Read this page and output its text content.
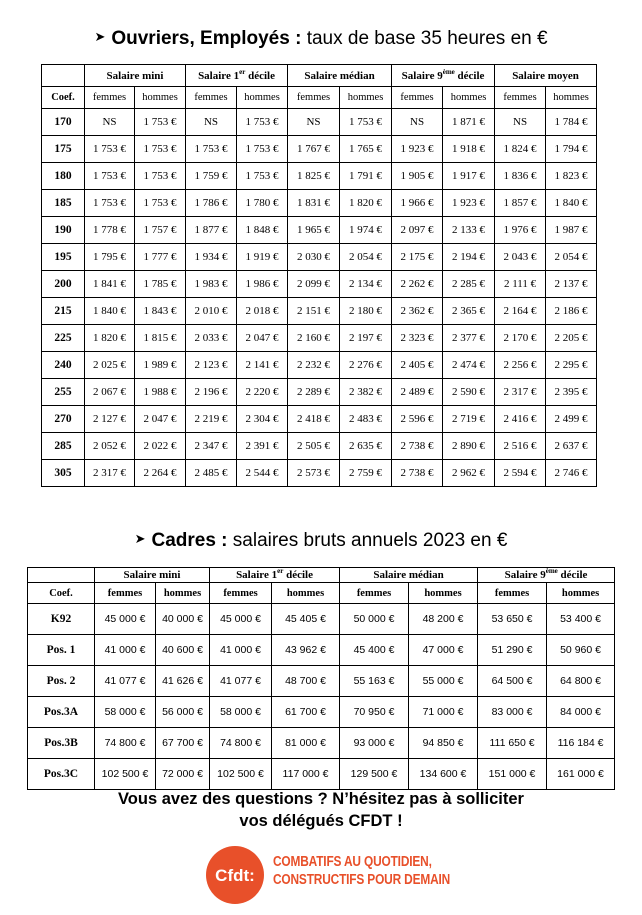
➤ Ouvriers, Employés : taux de base 35 heures en €
	Salaire mini		Salaire 1er décile		Salaire médian		Salaire 9ème décile		Salaire moyen	
Coef.	femmes	hommes	femmes	hommes	femmes	hommes	femmes	hommes	femmes	hommes
170	NS	1 753 €	NS	1 753 €	NS	1 753 €	NS	1 871 €	NS	1 784 €
175	1 753 €	1 753 €	1 753 €	1 753 €	1 767 €	1 765 €	1 923 €	1 918 €	1 824 €	1 794 €
180	1 753 €	1 753 €	1 759 €	1 753 €	1 825 €	1 791 €	1 905 €	1 917 €	1 836 €	1 823 €
185	1 753 €	1 753 €	1 786 €	1 780 €	1 831 €	1 820 €	1 966 €	1 923 €	1 857 €	1 840 €
190	1 778 €	1 757 €	1 877 €	1 848 €	1 965 €	1 974 €	2 097 €	2 133 €	1 976 €	1 987 €
195	1 795 €	1 777 €	1 934 €	1 919 €	2 030 €	2 054 €	2 175 €	2 194 €	2 043 €	2 054 €
200	1 841 €	1 785 €	1 983 €	1 986 €	2 099 €	2 134 €	2 262 €	2 285 €	2 111 €	2 137 €
215	1 840 €	1 843 €	2 010 €	2 018 €	2 151 €	2 180 €	2 362 €	2 365 €	2 164 €	2 186 €
225	1 820 €	1 815 €	2 033 €	2 047 €	2 160 €	2 197 €	2 323 €	2 377 €	2 170 €	2 205 €
240	2 025 €	1 989 €	2 123 €	2 141 €	2 232 €	2 276 €	2 405 €	2 474 €	2 256 €	2 295 €
255	2 067 €	1 988 €	2 196 €	2 220 €	2 289 €	2 382 €	2 489 €	2 590 €	2 317 €	2 395 €
270	2 127 €	2 047 €	2 219 €	2 304 €	2 418 €	2 483 €	2 596 €	2 719 €	2 416 €	2 499 €
285	2 052 €	2 022 €	2 347 €	2 391 €	2 505 €	2 635 €	2 738 €	2 890 €	2 516 €	2 637 €
305	2 317 €	2 264 €	2 485 €	2 544 €	2 573 €	2 759 €	2 738 €	2 962 €	2 594 €	2 746 €
➤ Cadres : salaires bruts annuels 2023 en €
	Salaire mini		Salaire 1er décile		Salaire médian		Salaire 9ème décile	
Coef.	femmes	hommes	femmes	hommes	femmes	hommes	femmes	hommes
K92	45 000 €	40 000 €	45 000 €	45 405 €	50 000 €	48 200 €	53 650 €	53 400 €
Pos. 1	41 000 €	40 600 €	41 000 €	43 962 €	45 400 €	47 000 €	51 290 €	50 960 €
Pos. 2	41 077 €	41 626 €	41 077 €	48 700 €	55 163 €	55 000 €	64 500 €	64 800 €
Pos.3A	58 000 €	56 000 €	58 000 €	61 700 €	70 950 €	71 000 €	83 000 €	84 000 €
Pos.3B	74 800 €	67 700 €	74 800 €	81 000 €	93 000 €	94 850 €	111 650 €	116 184 €
Pos.3C	102 500 €	72 000 €	102 500 €	117 000 €	129 500 €	134 600 €	151 000 €	161 000 €
Vous avez des questions ? N’hésitez pas à solliciter
vos délégués CFDT !
Cfdt:
COMBATIFS AU QUOTIDIEN,
CONSTRUCTIFS POUR DEMAIN
